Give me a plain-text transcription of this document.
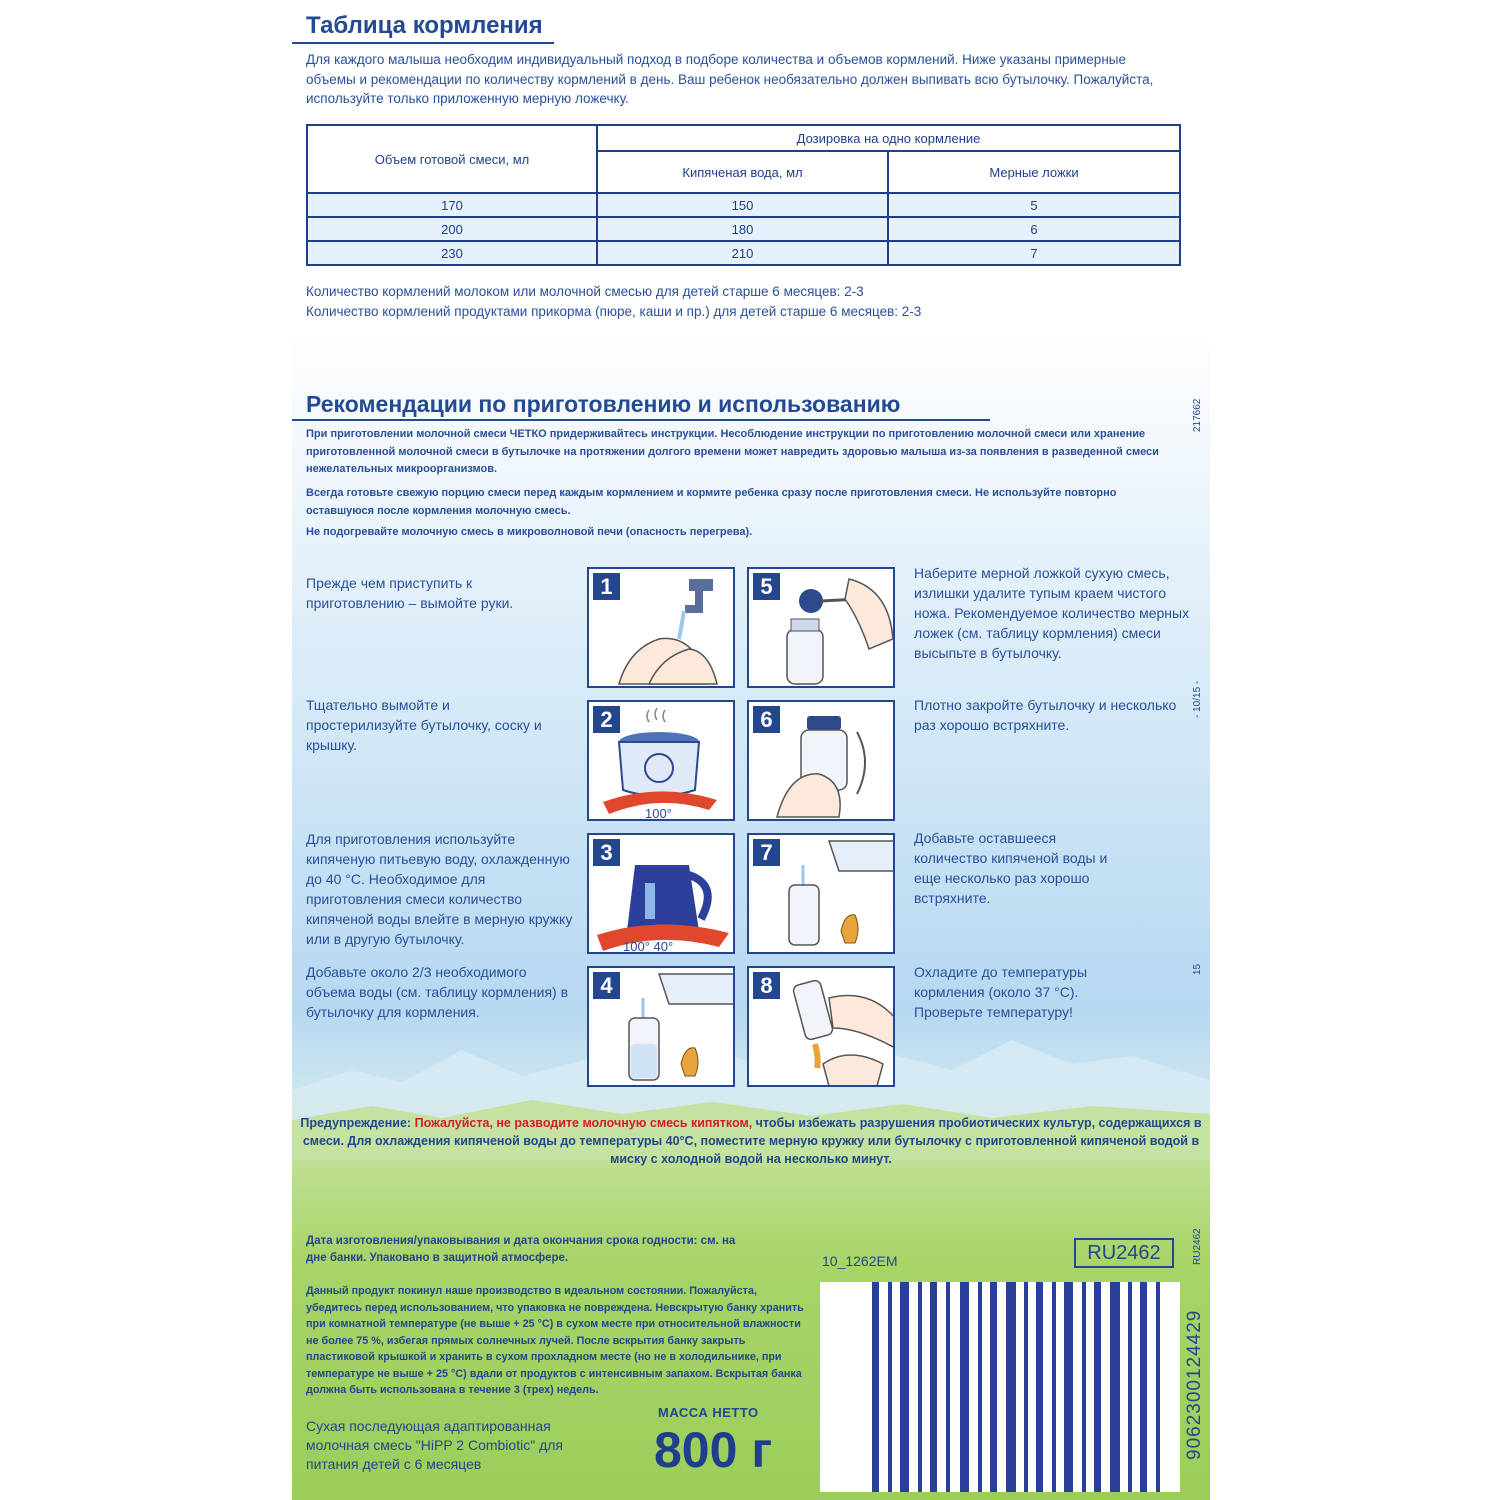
Таблица кормления

Для каждого малыша необходим индивидуальный подход в подборе количества и объемов кормлений. Ниже указаны примерные объемы и рекомендации по количеству кормлений в день. Ваш ребенок необязательно должен выпивать всю бутылочку. Пожалуйста, используйте только приложенную мерную ложечку.

Объем готовой смеси, мл	Дозировка на одно кормление	
	Кипяченая вода, мл	Мерные ложки
170	150	5
200	180	6
230	210	7

Количество кормлений молоком или молочной смесью для детей старше 6 месяцев: 2-3

Количество кормлений продуктами прикорма (пюре, каши и пр.) для детей старше 6 месяцев: 2-3

Рекомендации по приготовлению и использованию

При приготовлении молочной смеси ЧЕТКО придерживайтесь инструкции. Несоблюдение инструкции по приготовлению молочной смеси или хранение приготовленной молочной смеси в бутылочке на протяжении долгого времени может навредить здоровью малыша из-за появления в разведенной смеси нежелательных микроорганизмов.

Всегда готовьте свежую порцию смеси перед каждым кормлением и кормите ребенка сразу после приготовления смеси. Не используйте повторно оставшуюся после кормления молочную смесь.

Не подогревайте молочную смесь в микроволновой печи (опасность перегрева).

Прежде чем приступить к приготовлению – вымойте руки.

Тщательно вымойте и простерилизуйте бутылочку, соску и крышку.

Для приготовления используйте кипяченую питьевую воду, охлажденную до 40 °С. Необходимое для приготовления смеси количество кипяченой воды влейте в мерную кружку или в другую бутылочку.

Добавьте около 2/3 необходимого объема воды (см. таблицу кормления) в бутылочку для кормления.

Наберите мерной ложкой сухую смесь, излишки удалите тупым краем чистого ножа. Рекомендуемое количество мерных ложек (см. таблицу кормления) смеси высыпьте в бутылочку.

Плотно закройте бутылочку и несколько раз хорошо встряхните.

Добавьте оставшееся количество кипяченой воды и еще несколько раз хорошо встряхните.

Охладите до температуры кормления (около 37 °С). Проверьте температуру!

1	5
100°
2	6
100° 40°
3	7
4	8

Предупреждение: Пожалуйста, не разводите молочную смесь кипятком, чтобы избежать разрушения пробиотических культур, содержащихся в смеси. Для охлаждения кипяченой воды до температуры 40°С, поместите мерную кружку или бутылочку с приготовленной кипяченой водой в миску с холодной водой на несколько минут.

Дата изготовления/упаковывания и дата окончания срока годности: см. на дне банки. Упаковано в защитной атмосфере.

Данный продукт покинул наше производство в идеальном состоянии. Пожалуйста, убедитесь перед использованием, что упаковка не повреждена. Невскрытую банку хранить при комнатной температуре (не выше + 25 °С) в сухом месте при относительной влажности не более 75 %, избегая прямых солнечных лучей. После вскрытия банку закрыть пластиковой крышкой и хранить в сухом прохладном месте (но не в холодильнике, при температуре не выше + 25 °С) вдали от продуктов с интенсивным запахом. Вскрытая банка должна быть использована в течение 3 (трех) недель.

Сухая последующая адаптированная молочная смесь "HiPP 2 Combiotic" для питания детей с 6 месяцев

МАССА НЕТТО

800 г

10_1262EM	RU2462
217662
- 10/15 -
15
RU2462
9062300124429
